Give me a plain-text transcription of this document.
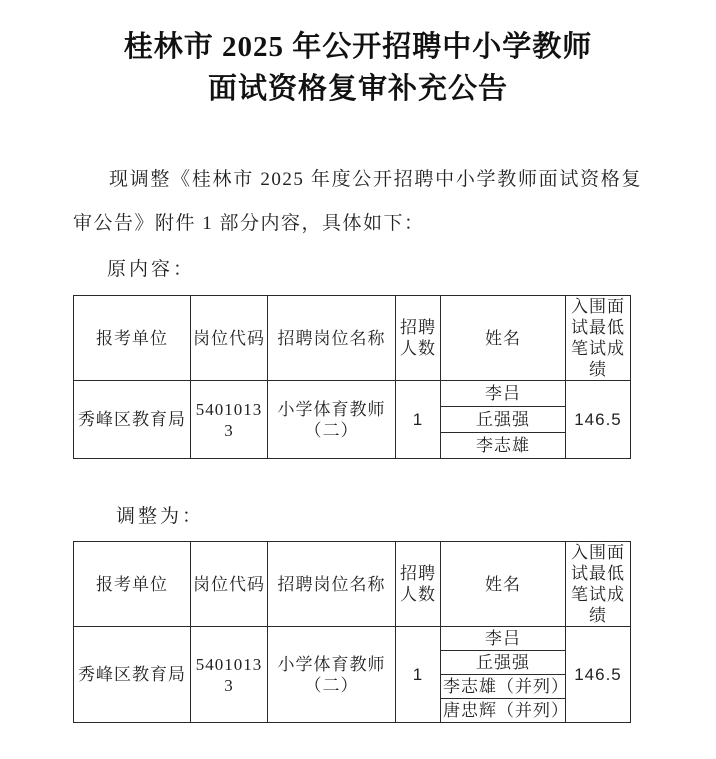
桂林市 2025 年公开招聘中小学教师
面试资格复审补充公告

现调整《桂林市 2025 年度公开招聘中小学教师面试资格复审公告》附件 1 部分内容，具体如下：

原内容：
报考单位	岗位代码	招聘岗位名称	招聘人数	姓名	入围面试最低笔试成绩
秀峰区教育局	54010133	小学体育教师（二）	1	李吕	146.5
				丘强强	
				李志雄	
调整为：
报考单位	岗位代码	招聘岗位名称	招聘人数	姓名	入围面试最低笔试成绩
秀峰区教育局	54010133	小学体育教师（二）	1	李吕	146.5
				丘强强	
				李志雄（并列）	
				唐忠辉（并列）	
